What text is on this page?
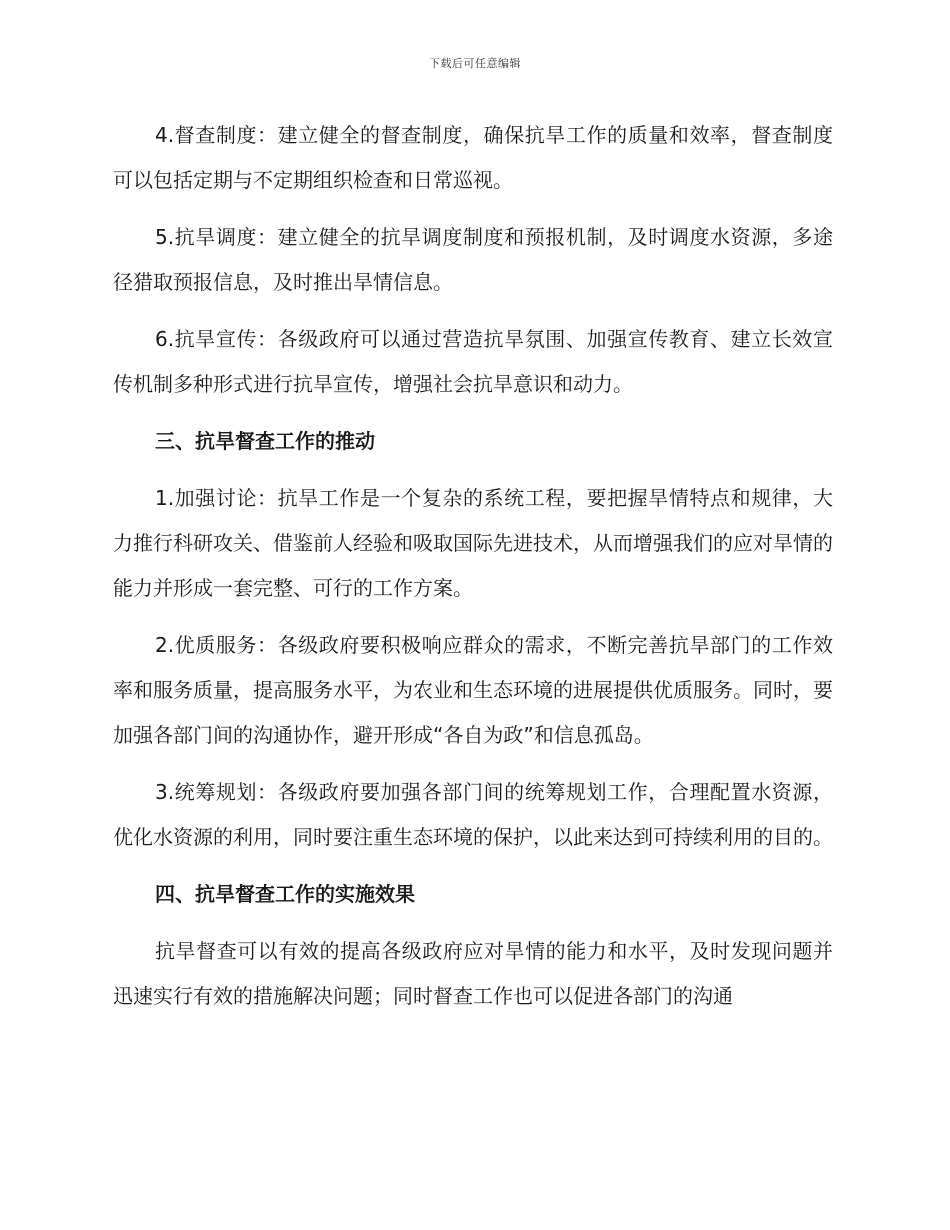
下载后可任意编辑

4.督查制度：建立健全的督查制度，确保抗旱工作的质量和效率，督查制度可以包括定期与不定期组织检查和日常巡视。

5.抗旱调度：建立健全的抗旱调度制度和预报机制，及时调度水资源，多途径猎取预报信息，及时推出旱情信息。

6.抗旱宣传：各级政府可以通过营造抗旱氛围、加强宣传教育、建立长效宣传机制多种形式进行抗旱宣传，增强社会抗旱意识和动力。

三、抗旱督查工作的推动

1.加强讨论：抗旱工作是一个复杂的系统工程，要把握旱情特点和规律，大力推行科研攻关、借鉴前人经验和吸取国际先进技术，从而增强我们的应对旱情的能力并形成一套完整、可行的工作方案。

2.优质服务：各级政府要积极响应群众的需求，不断完善抗旱部门的工作效率和服务质量，提高服务水平，为农业和生态环境的进展提供优质服务。同时，要加强各部门间的沟通协作，避开形成“各自为政”和信息孤岛。

3.统筹规划：各级政府要加强各部门间的统筹规划工作，合理配置水资源，优化水资源的利用，同时要注重生态环境的保护，以此来达到可持续利用的目的。

四、抗旱督查工作的实施效果

抗旱督查可以有效的提高各级政府应对旱情的能力和水平，及时发现问题并迅速实行有效的措施解决问题；同时督查工作也可以促进各部门的沟通
